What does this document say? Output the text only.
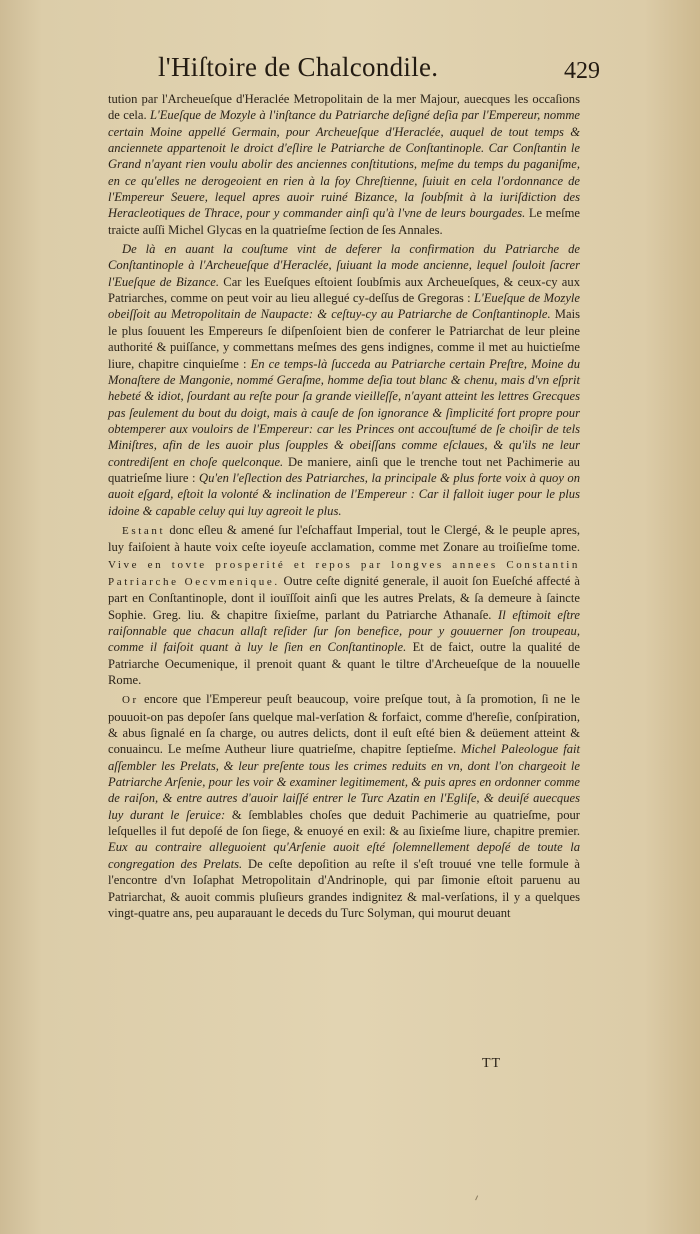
l'Hiſtoire de Chalcondile.	429

tution par l'Archeueſque d'Heraclée Metropolitain de la mer Majour, auecques les occaſions de cela. L'Eueſque de Mozyle à l'inſtance du Patriarche deſigné deſia par l'Empereur, nomme certain Moine appellé Germain, pour Archeueſque d'Heraclée, auquel de tout temps & anciennete appartenoit le droict d'eſlire le Patriarche de Conſtantinople. Car Conſtantin le Grand n'ayant rien voulu abolir des anciennes conſtitutions, meſme du temps du paganiſme, en ce qu'elles ne derogeoient en rien à la foy Chreſtienne, ſuiuit en cela l'ordonnance de l'Empereur Seuere, lequel apres auoir ruiné Bizance, la ſoubſmit à la iuriſdiction des Heracleotiques de Thrace, pour y commander ainſi qu'à l'vne de leurs bourgades. Le meſme traicte auſſi Michel Glycas en la quatrieſme ſection de ſes Annales.

De là en auant la couſtume vint de deferer la confirmation du Patriarche de Conſtantinople à l'Archeueſque d'Heraclée, ſuiuant la mode ancienne, lequel ſouloit ſacrer l'Eueſque de Bizance. Car les Eueſques eſtoient ſoubſmis aux Archeueſques, & ceux-cy aux Patriarches, comme on peut voir au lieu allegué cy-deſſus de Gregoras : L'Eueſque de Mozyle obeiſſoit au Metropolitain de Naupacte: & ceſtuy-cy au Patriarche de Conſtantinople. Mais le plus ſouuent les Empereurs ſe diſpenſoient bien de conferer le Patriarchat de leur pleine authorité & puiſſance, y commettans meſmes des gens indignes, comme il met au huictieſme liure, chapitre cinquieſme : En ce temps-là ſucceda au Patriarche certain Preſtre, Moine du Monaſtere de Mangonie, nommé Geraſme, homme deſia tout blanc & chenu, mais d'vn eſprit hebeté & idiot, ſourdant au reſte pour ſa grande vieilleſſe, n'ayant atteint les lettres Grecques pas ſeulement du bout du doigt, mais à cauſe de ſon ignorance & ſimplicité fort propre pour obtemperer aux vouloirs de l'Empereur: car les Princes ont accouſtumé de ſe choiſir de tels Miniſtres, afin de les auoir plus ſoupples & obeiſſans comme eſclaues, & qu'ils ne leur contrediſent en choſe quelconque. De maniere, ainſi que le trenche tout net Pachimerie au quatrieſme liure : Qu'en l'eſlection des Patriarches, la principale & plus forte voix à quoy on auoit eſgard, eſtoit la volonté & inclination de l'Empereur : Car il falloit iuger pour le plus idoine & capable celuy qui luy agreoit le plus.

Estant donc eſleu & amené ſur l'eſchaffaut Imperial, tout le Clergé, & le peuple apres, luy faiſoient à haute voix ceſte ioyeuſe acclamation, comme met Zonare au troiſieſme tome. Vive en tovte prosperité et repos par longves annees Constantin Patriarche Oecvmenique. Outre ceſte dignité generale, il auoit ſon Eueſché affecté à part en Conſtantinople, dont il iouïſſoit ainſi que les autres Prelats, & ſa demeure à ſaincte Sophie. Greg. liu. & chapitre ſixieſme, parlant du Patriarche Athanaſe. Il eſtimoit eſtre raiſonnable que chacun allaſt reſider ſur ſon benefice, pour y gouuerner ſon troupeau, comme il faiſoit quant à luy le ſien en Conſtantinople. Et de faict, outre la qualité de Patriarche Oecumenique, il prenoit quant & quant le tiltre d'Archeueſque de la nouuelle Rome.

Or encore que l'Empereur peuſt beaucoup, voire preſque tout, à ſa promotion, ſi ne le pouuoit-on pas depoſer ſans quelque mal-verſation & forfaict, comme d'hereſie, conſpiration, & abus ſignalé en ſa charge, ou autres delicts, dont il euſt eſté bien & deüement atteint & conuaincu. Le meſme Autheur liure quatrieſme, chapitre ſeptieſme. Michel Paleologue fait aſſembler les Prelats, & leur preſente tous les crimes reduits en vn, dont l'on chargeoit le Patriarche Arſenie, pour les voir & examiner legitimement, & puis apres en ordonner comme de raiſon, & entre autres d'auoir laiſſé entrer le Turc Azatin en l'Egliſe, & deuiſé auecques luy durant le ſeruice: & ſemblables choſes que deduit Pachimerie au quatrieſme, pour leſquelles il fut depoſé de ſon ſiege, & enuoyé en exil: & au ſixieſme liure, chapitre premier. Eux au contraire alleguoient qu'Arſenie auoit eſté ſolemnellement depoſé de toute la congregation des Prelats. De ceſte depoſition au reſte il s'eſt trouué vne telle formule à l'encontre d'vn Ioſaphat Metropolitain d'Andrinople, qui par ſimonie eſtoit paruenu au Patriarchat, & auoit commis pluſieurs grandes indignitez & mal-verſations, il y a quelques vingt-quatre ans, peu auparauant le deceds du Turc Solyman, qui mourut deuant

TT
